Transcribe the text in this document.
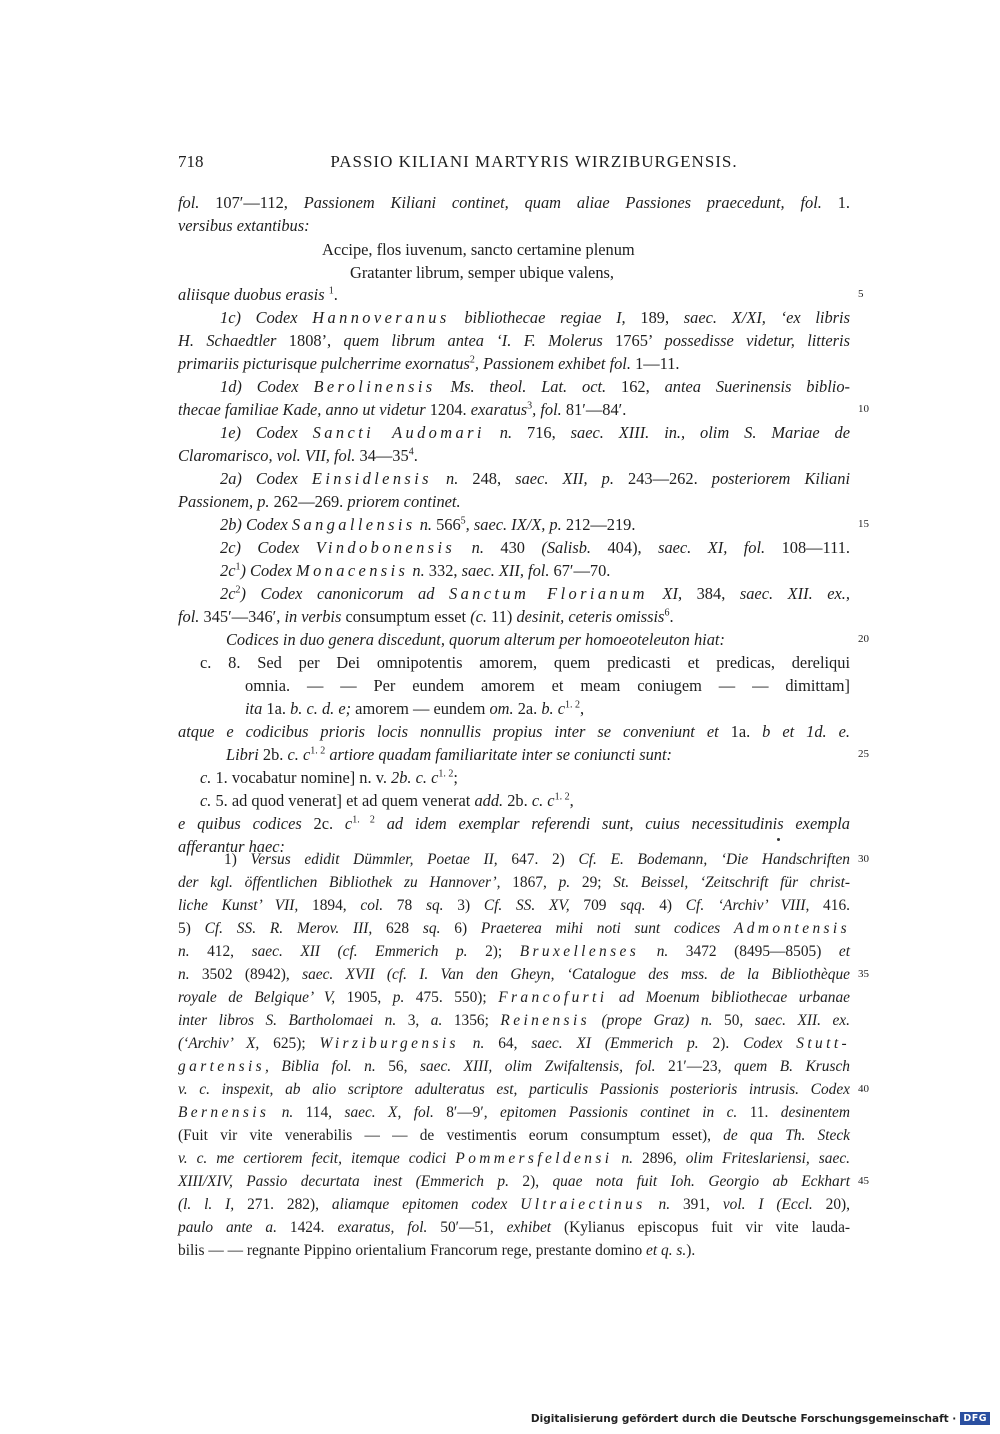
718	PASSIO KILIANI MARTYRIS WIRZIBURGENSIS.
fol. 107′—112, Passionem Kiliani continet, quam aliae Passiones praecedunt, fol. 1.
versibus extantibus:
Accipe, flos iuvenum, sancto certamine plenum
Gratanter librum, semper ubique valens,
aliisque duobus erasis $^1$.
1c) Codex Hannoveranus bibliothecae regiae I, 189, saec. X/XI, ‘ex libris
H. Schaedtler 1808’, quem librum antea ‘I. F. Molerus 1765’ possedisse videtur, litteris
primariis picturisque pulcherrime exornatus$^2$, Passionem exhibet fol. 1—11.
1d) Codex Berolinensis Ms. theol. Lat. oct. 162, antea Suerinensis biblio-
thecae familiae Kade, anno ut videtur 1204. exaratus$^3$, fol. 81′—84′.
1e) Codex Sancti Audomari n. 716, saec. XIII. in., olim S. Mariae de
Claromarisco, vol. VII, fol. $34—35^4$.
2a) Codex Einsidlensis n. 248, saec. XII, p. 243—262. posteriorem Kiliani
Passionem, p. 262—269. priorem continet.
2b) Codex Sangallensis n. $566^5$, saec. IX/X, p. 212—219.
2c) Codex Vindobonensis n. 430 (Salisb. 404), saec. XI, fol. 108—111.
$2c^1$) Codex Monacensis n. 332, saec. XII, fol. 67′—70.
$2c^2$) Codex canonicorum ad Sanctum Florianum XI, 384, saec. XII. ex.,
fol. 345′—346′, in verbis consumptum esset (c. 11) desinit, ceteris omissis$^6$.
Codices in duo genera discedunt, quorum alterum per homoeoteleuton hiat:
c. 8. Sed per Dei omnipotentis amorem, quem predicasti et predicas, dereliqui
omnia. — — Per eundem amorem et meam coniugem — — dimittam]
ita 1a. b. c. d. e; amorem — eundem om. 2a. b. $c^{1. 2}$,
atque e codicibus prioris locis nonnullis propius inter se conveniunt et 1a. b et 1d. e.
Libri 2b. c. $c^{1. 2}$ artiore quadam familiaritate inter se coniuncti sunt:
c. 1. vocabatur nomine] n. v. 2b. c. $c^{1. 2}$;
c. 5. ad quod venerat] et ad quem venerat add. 2b. c. $c^{1. 2}$,
e quibus codices 2c. $c^{1. 2}$ ad idem exemplar referendi sunt, cuius necessitudinis exempla
afferantur haec:
1) Versus edidit Dümmler, Poetae II, 647. 2) Cf. E. Bodemann, ‘Die Handschriften
der kgl. öffentlichen Bibliothek zu Hannover’, 1867, p. 29; St. Beissel, ‘Zeitschrift für christ-
liche Kunst’ VII, 1894, col. 78 sq. 3) Cf. SS. XV, 709 sqq. 4) Cf. ‘Archiv’ VIII, 416.
5) Cf. SS. R. Merov. III, 628 sq. 6) Praeterea mihi noti sunt codices Admontensis
n. 412, saec. XII (cf. Emmerich p. 2); Bruxellenses n. 3472 (8495—8505) et
n. 3502 (8942), saec. XVII (cf. I. Van den Gheyn, ‘Catalogue des mss. de la Bibliothèque
royale de Belgique’ V, 1905, p. 475. 550); Francofurti ad Moenum bibliothecae urbanae
inter libros S. Bartholomaei n. 3, a. 1356; Reinensis (prope Graz) n. 50, saec. XII. ex.
(‘Archiv’ X, 625); Wirziburgensis n. 64, saec. XI (Emmerich p. 2). Codex Stutt-
gartensis, Biblia fol. n. 56, saec. XIII, olim Zwifaltensis, fol. 21′—23, quem B. Krusch
v. c. inspexit, ab alio scriptore adulteratus est, particulis Passionis posterioris intrusis. Codex
Bernensis n. 114, saec. X, fol. 8′—9′, epitomen Passionis continet in c. 11. desinentem
(Fuit vir vite venerabilis — — de vestimentis eorum consumptum esset), de qua Th. Steck
v. c. me certiorem fecit, itemque codici Pommersfeldensi n. 2896, olim Friteslariensi, saec.
XIII/XIV, Passio decurtata inest (Emmerich p. 2), quae nota fuit Ioh. Georgio ab Eckhart
(l. l. I, 271. 282), aliamque epitomen codex Ultraiectinus n. 391, vol. I (Eccl. 20),
paulo ante a. 1424. exaratus, fol. 50′—51, exhibet (Kylianus episcopus fuit vir vite lauda-
bilis — — regnante Pippino orientalium Francorum rege, prestante domino et q. s.).
5
10
15
20
25
30
35
40
45
Digitalisierung gefördert durch die Deutsche Forschungsgemeinschaft · DFG
